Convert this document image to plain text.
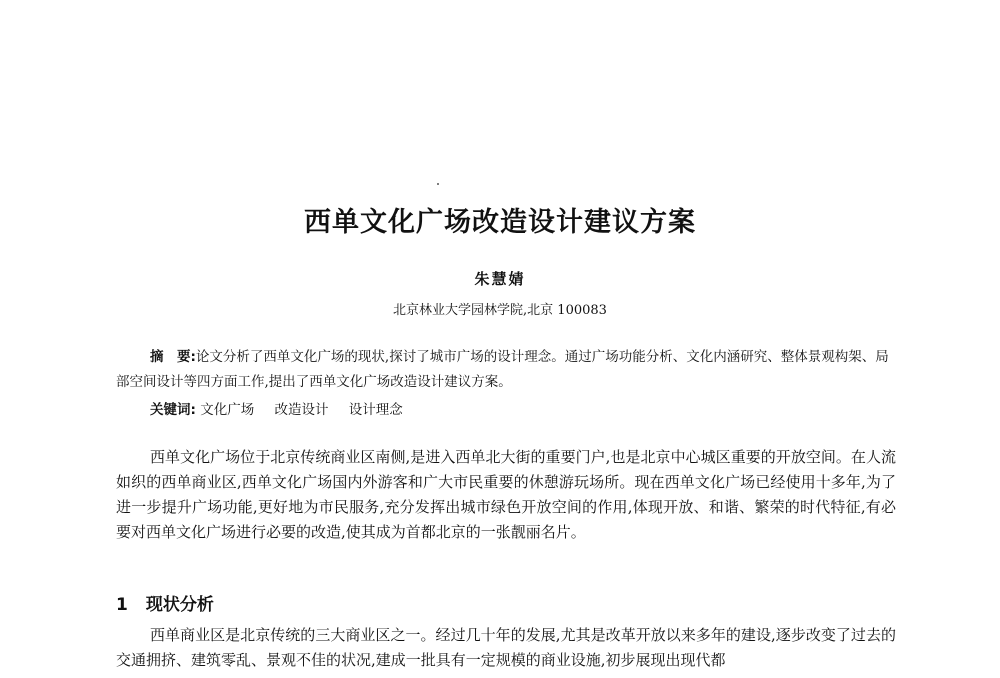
西单文化广场改造设计建议方案
朱慧婧
北京林业大学园林学院,北京 100083

摘　要:论文分析了西单文化广场的现状,探讨了城市广场的设计理念。通过广场功能分析、文化内涵研究、整体景观构架、局部空间设计等四方面工作,提出了西单文化广场改造设计建议方案。

关键词: 文化广场 改造设计 设计理念

西单文化广场位于北京传统商业区南侧,是进入西单北大街的重要门户,也是北京中心城区重要的开放空间。在人流如织的西单商业区,西单文化广场国内外游客和广大市民重要的休憩游玩场所。现在西单文化广场已经使用十多年,为了进一步提升广场功能,更好地为市民服务,充分发挥出城市绿色开放空间的作用,体现开放、和谐、繁荣的时代特征,有必要对西单文化广场进行必要的改造,使其成为首都北京的一张靓丽名片。

1 现状分析

西单商业区是北京传统的三大商业区之一。经过几十年的发展,尤其是改革开放以来多年的建设,逐步改变了过去的交通拥挤、建筑零乱、景观不佳的状况,建成一批具有一定规模的商业设施,初步展现出现代都
